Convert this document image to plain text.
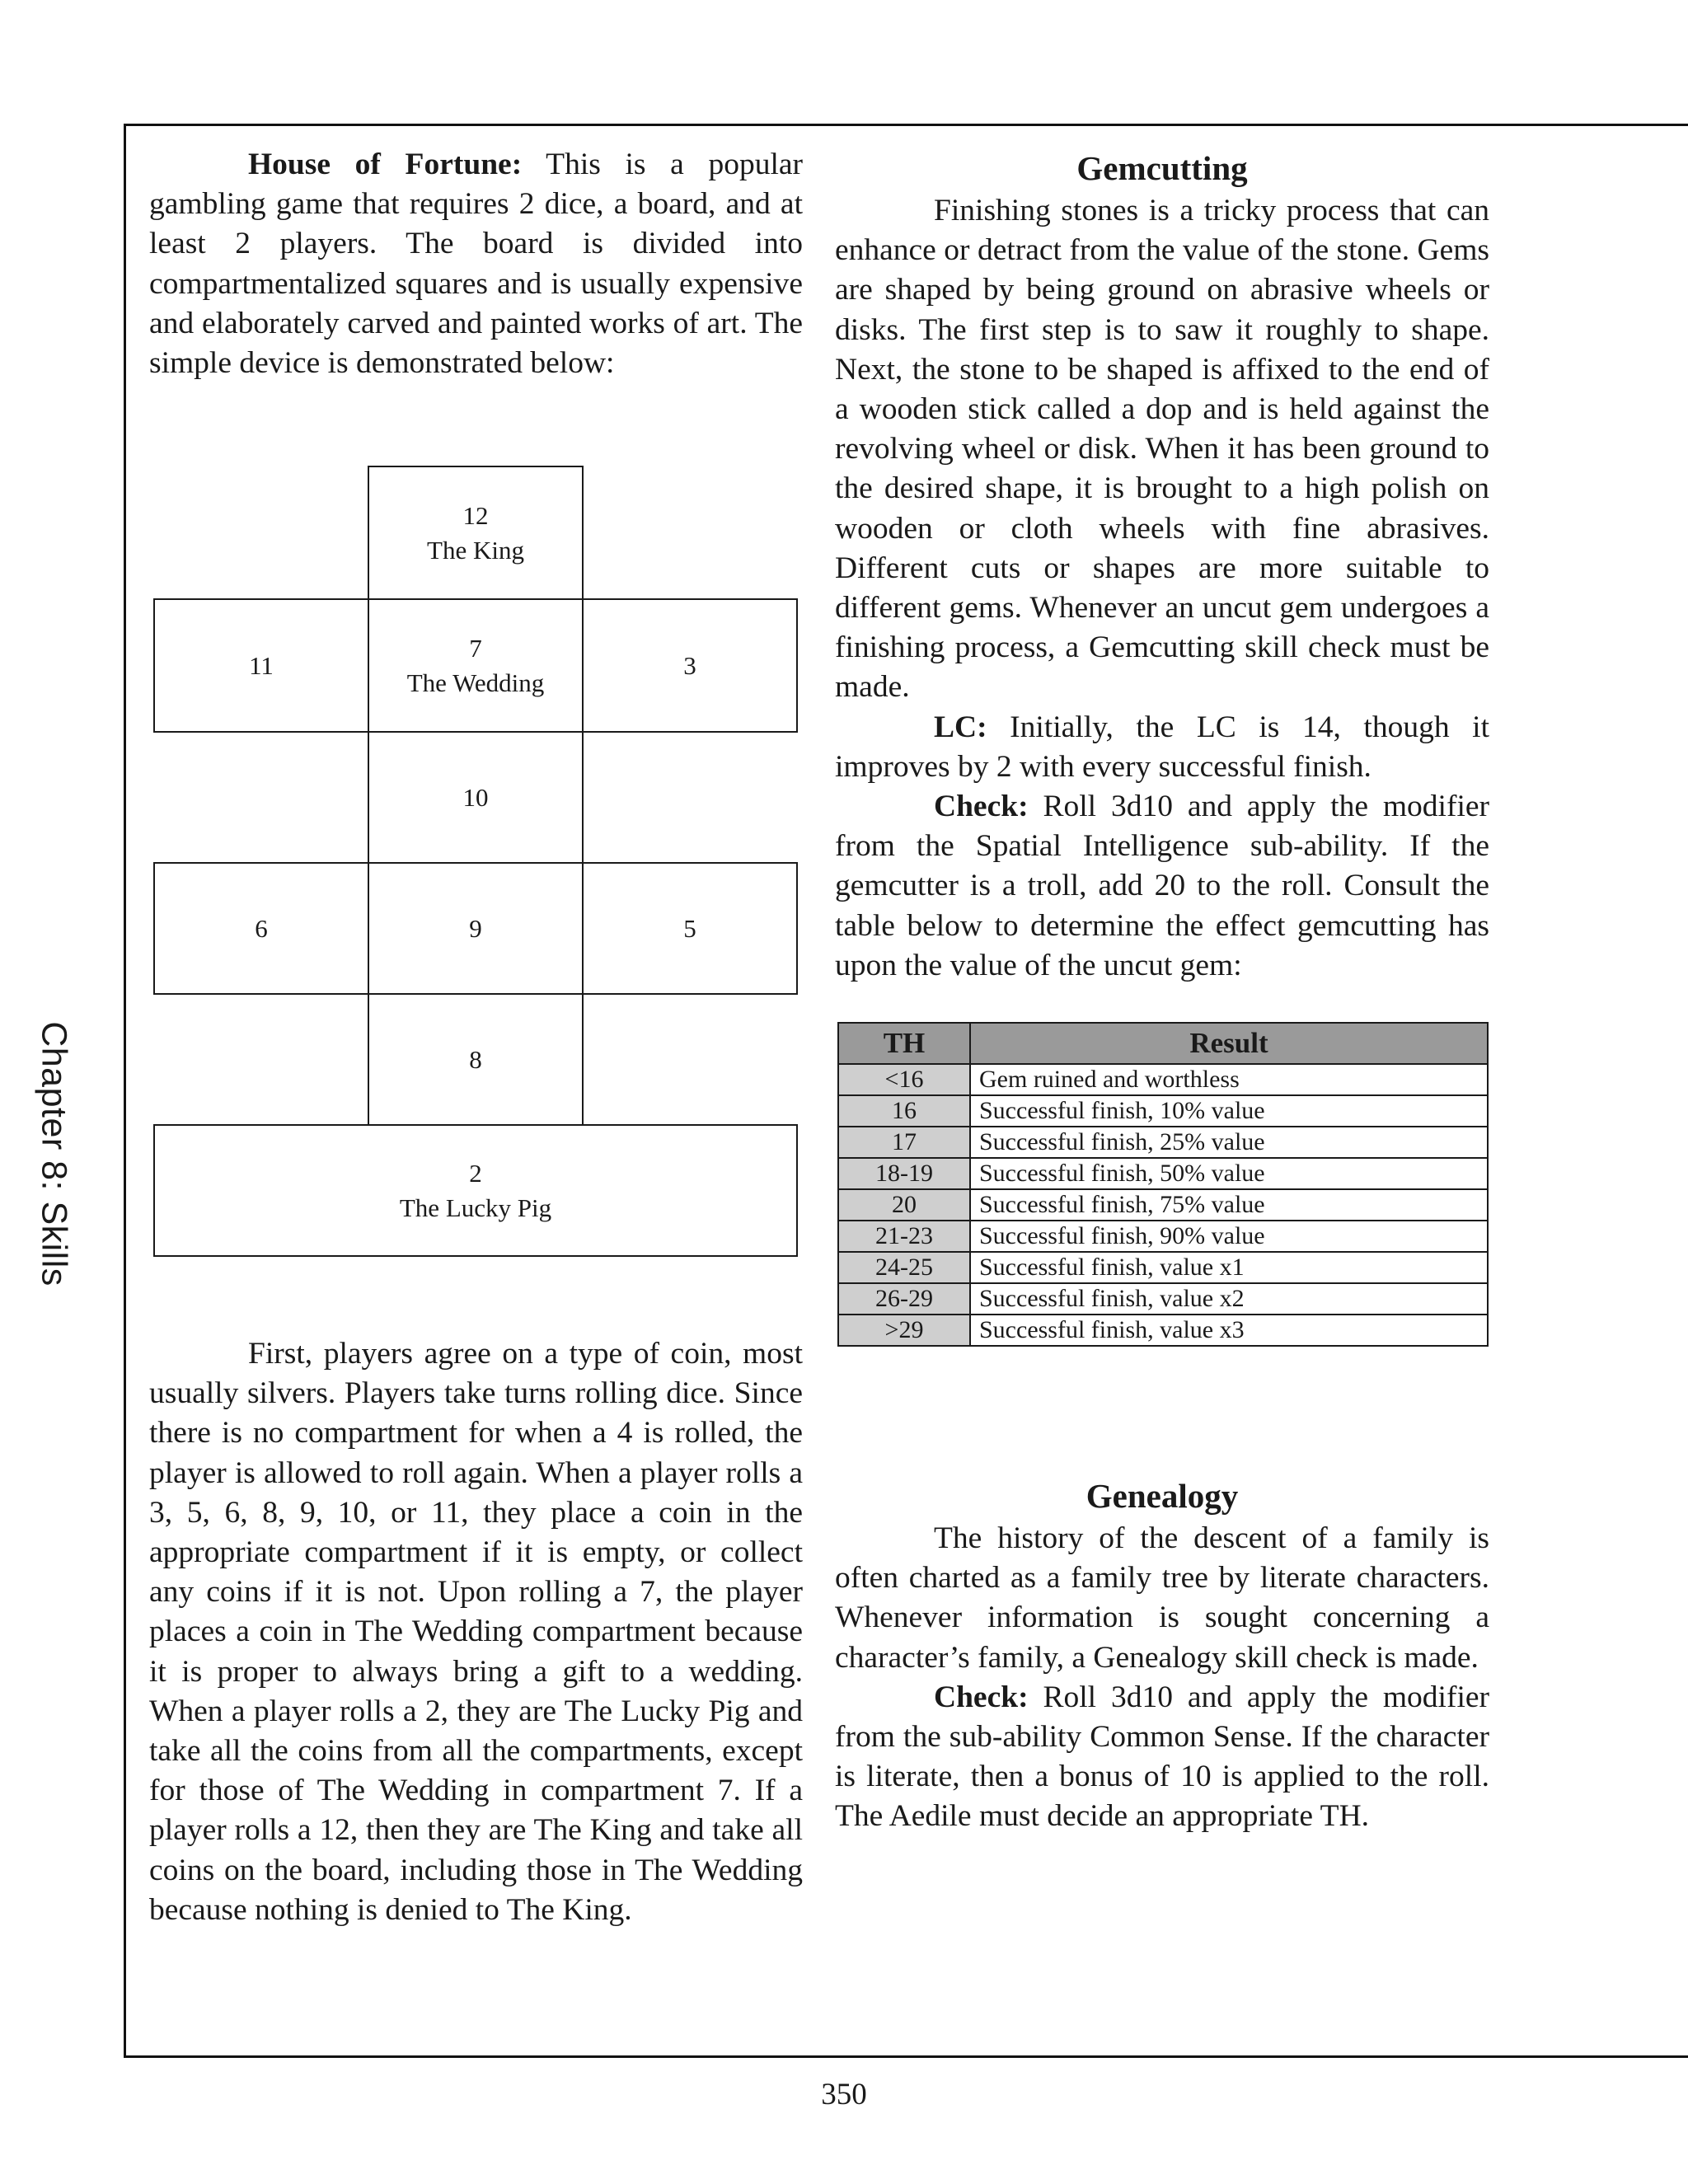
Chapter 8: Skills

House of Fortune: This is a popular gambling game that requires 2 dice, a board, and at least 2 players. The board is divided into compartmentalized squares and is usually expensive and elaborately carved and painted works of art. The simple device is demonstrated below:

12
The King
11
7
The Wedding
3
10
6	9	5
8
2
The Lucky Pig

First, players agree on a type of coin, most usually silvers. Players take turns rolling dice. Since there is no compartment for when a 4 is rolled, the player is allowed to roll again. When a player rolls a 3, 5, 6, 8, 9, 10, or 11, they place a coin in the appropriate compartment if it is empty, or collect any coins if it is not. Upon rolling a 7, the player places a coin in The Wedding compartment because it is proper to always bring a gift to a wedding. When a player rolls a 2, they are The Lucky Pig and take all the coins from all the compartments, except for those of The Wedding in compartment 7. If a player rolls a 12, then they are The King and take all coins on the board, including those in The Wedding because nothing is denied to The King.

Gemcutting

Finishing stones is a tricky process that can enhance or detract from the value of the stone. Gems are shaped by being ground on abrasive wheels or disks. The first step is to saw it roughly to shape. Next, the stone to be shaped is affixed to the end of a wooden stick called a dop and is held against the revolving wheel or disk. When it has been ground to the desired shape, it is brought to a high polish on wooden or cloth wheels with fine abrasives. Different cuts or shapes are more suitable to different gems. Whenever an uncut gem undergoes a finishing process, a Gemcutting skill check must be made.

LC: Initially, the LC is 14, though it improves by 2 with every successful finish.

Check: Roll 3d10 and apply the modifier from the Spatial Intelligence sub-ability. If the gemcutter is a troll, add 20 to the roll. Consult the table below to determine the effect gemcutting has upon the value of the uncut gem:

TH	Result
<16	Gem ruined and worthless
16	Successful finish, 10% value
17	Successful finish, 25% value
18-19	Successful finish, 50% value
20	Successful finish, 75% value
21-23	Successful finish, 90% value
24-25	Successful finish, value x1
26-29	Successful finish, value x2
>29	Successful finish, value x3
Genealogy

The history of the descent of a family is often charted as a family tree by literate characters. Whenever information is sought concerning a character’s family, a Genealogy skill check is made.

Check: Roll 3d10 and apply the modifier from the sub-ability Common Sense. If the character is literate, then a bonus of 10 is applied to the roll. The Aedile must decide an appropriate TH.

350
